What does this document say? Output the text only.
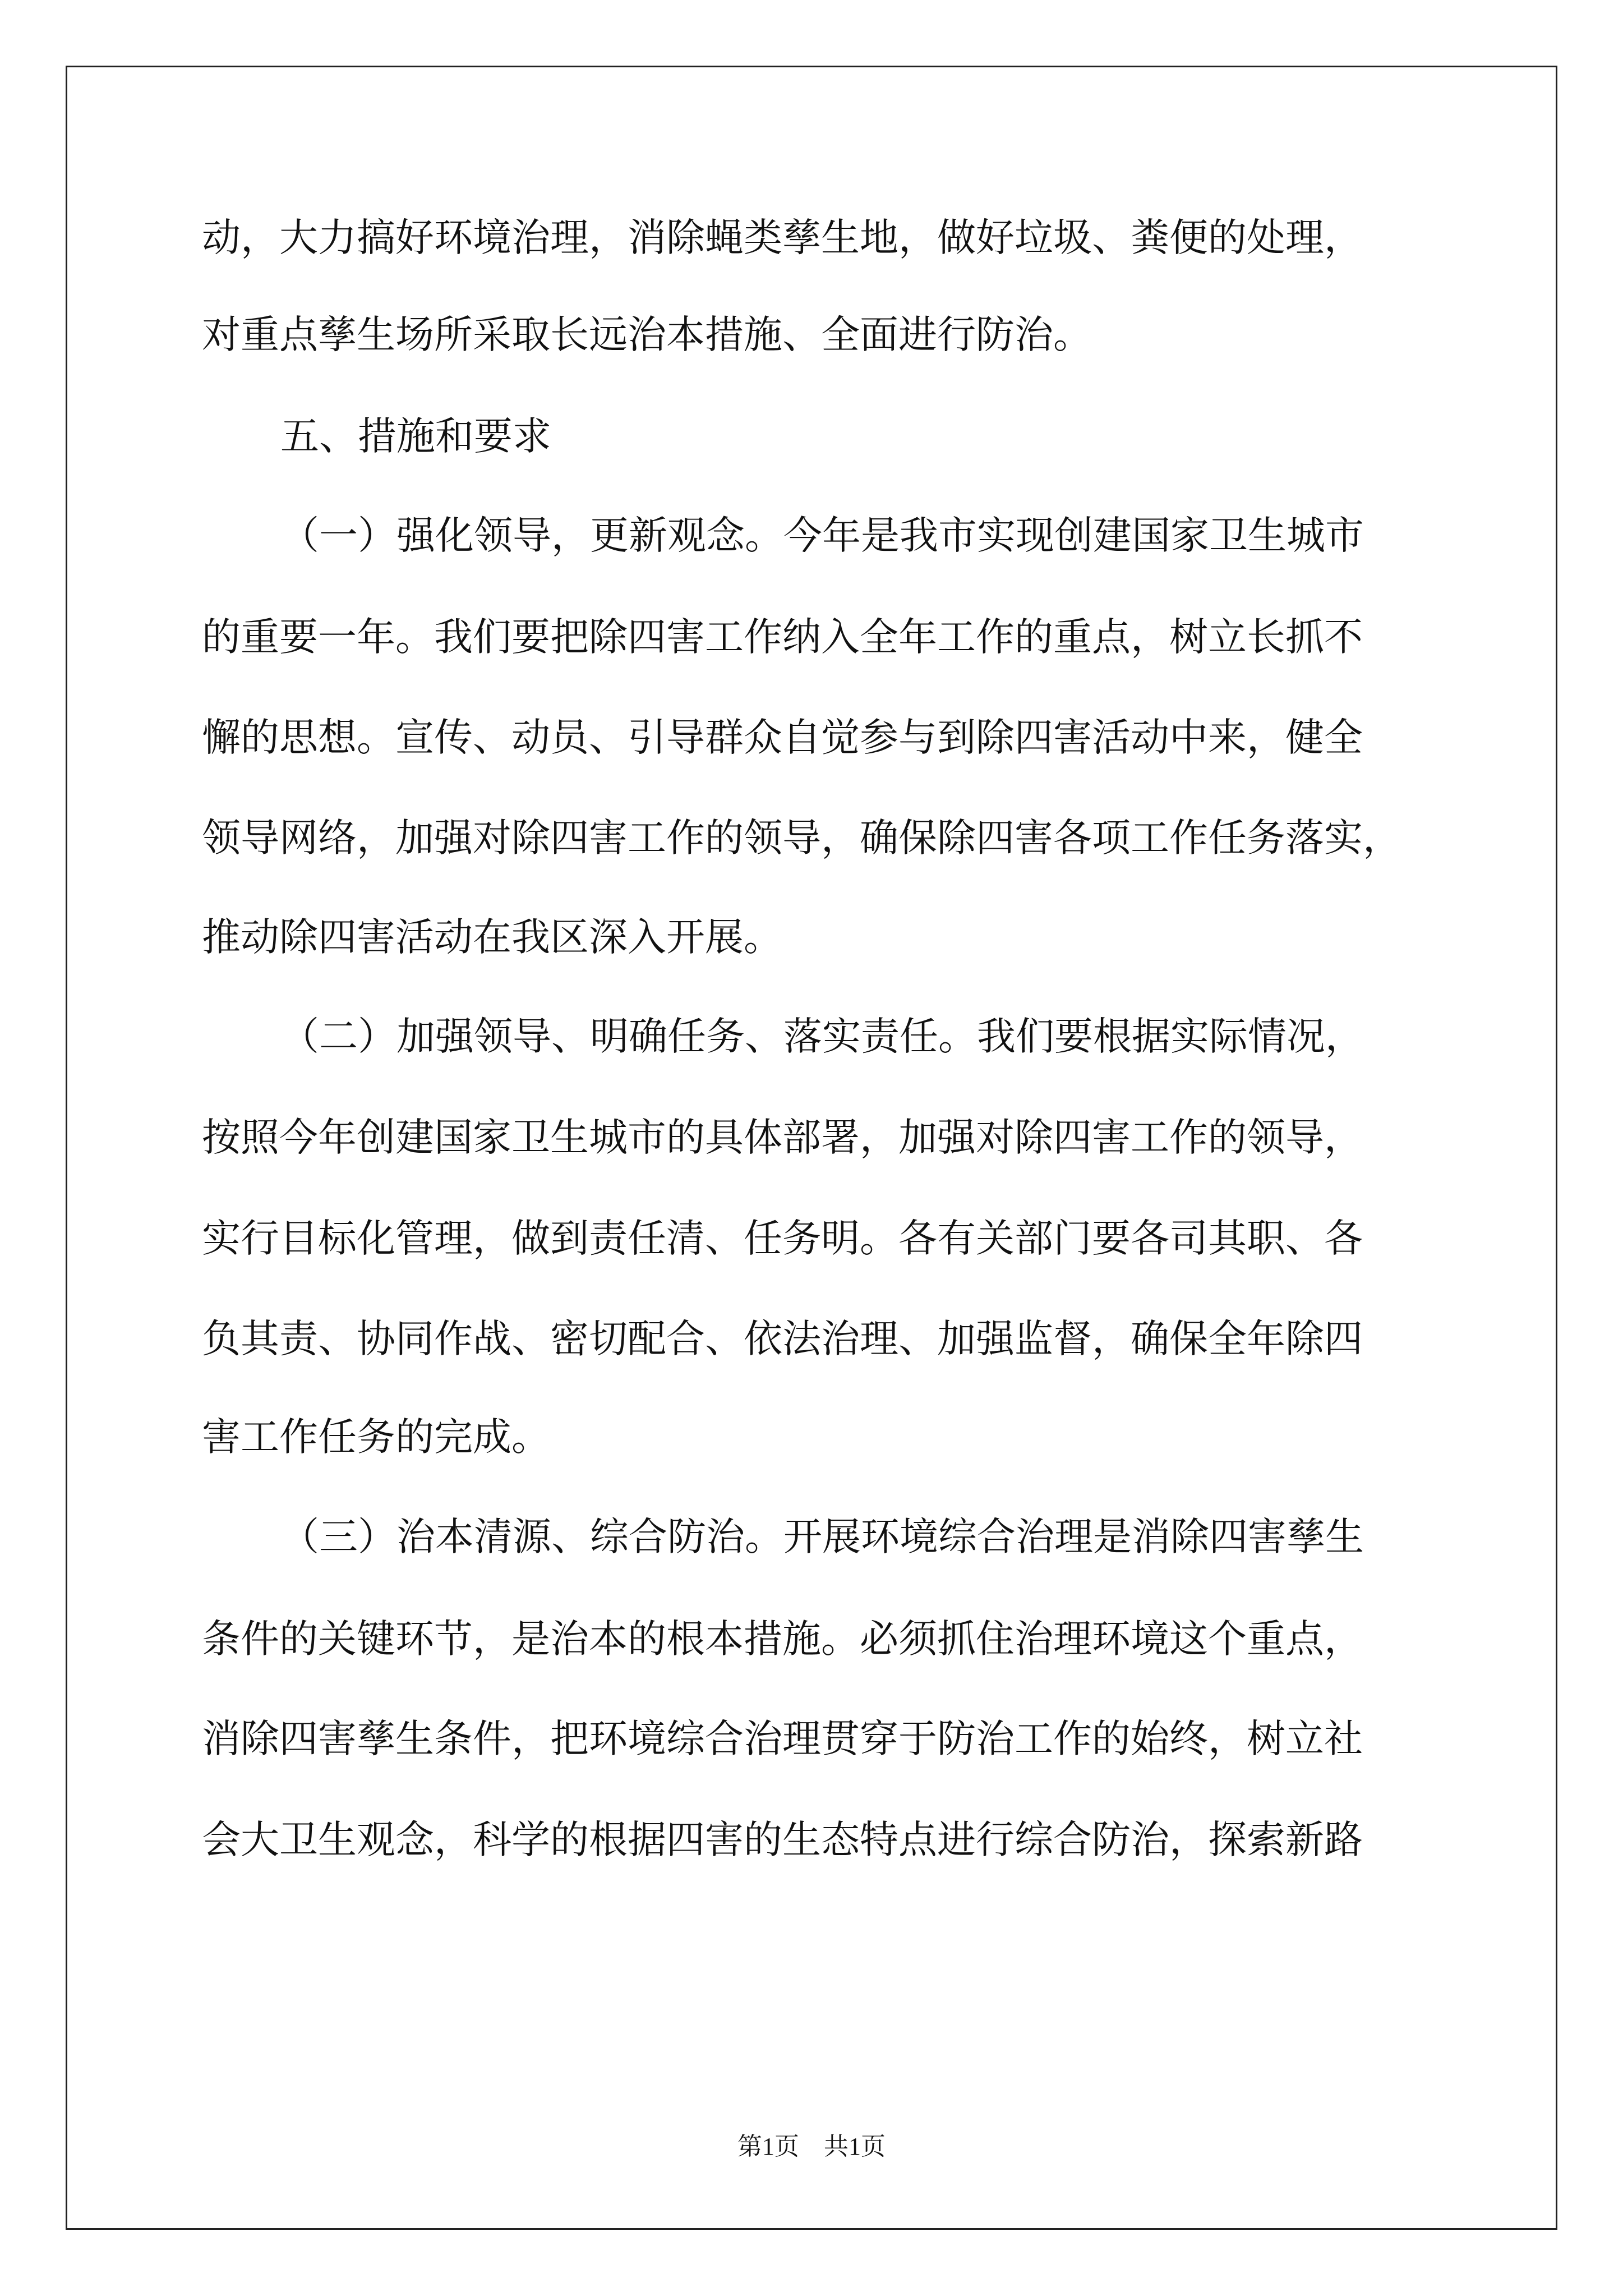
动，大力搞好环境治理，消除蝇类孳生地，做好垃圾、粪便的处理，
对重点孳生场所采取长远治本措施、全面进行防治。
五、措施和要求
（一）强化领导，更新观念。今年是我市实现创建国家卫生城市
的重要一年。我们要把除四害工作纳入全年工作的重点，树立长抓不
懈的思想。宣传、动员、引导群众自觉参与到除四害活动中来，健全
领导网络，加强对除四害工作的领导，确保除四害各项工作任务落实，
推动除四害活动在我区深入开展。
（二）加强领导、明确任务、落实责任。我们要根据实际情况，
按照今年创建国家卫生城市的具体部署，加强对除四害工作的领导，
实行目标化管理，做到责任清、任务明。各有关部门要各司其职、各
负其责、协同作战、密切配合、依法治理、加强监督，确保全年除四
害工作任务的完成。
（三）治本清源、综合防治。开展环境综合治理是消除四害孳生
条件的关键环节，是治本的根本措施。必须抓住治理环境这个重点，
消除四害孳生条件，把环境综合治理贯穿于防治工作的始终，树立社
会大卫生观念，科学的根据四害的生态特点进行综合防治，探索新路
第1页　共1页
